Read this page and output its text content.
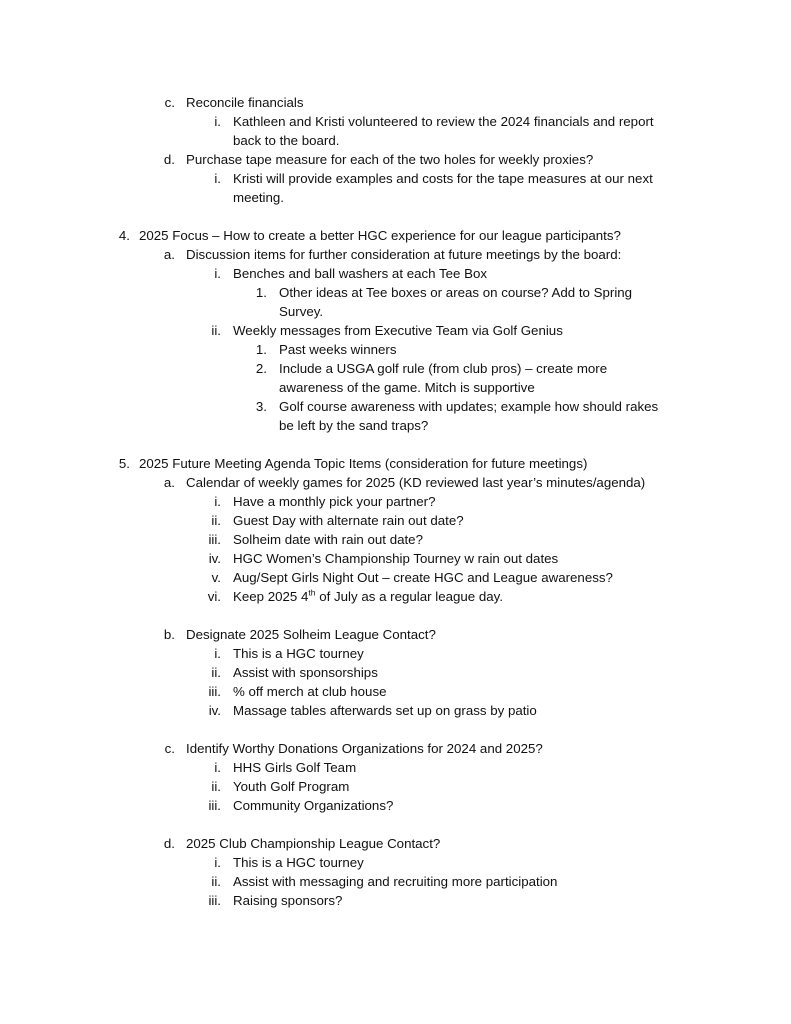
c. Reconcile financials
i. Kathleen and Kristi volunteered to review the 2024 financials and report
back to the board.
d. Purchase tape measure for each of the two holes for weekly proxies?
i. Kristi will provide examples and costs for the tape measures at our next
meeting.
4. 2025 Focus – How to create a better HGC experience for our league participants?
a. Discussion items for further consideration at future meetings by the board:
i. Benches and ball washers at each Tee Box
1. Other ideas at Tee boxes or areas on course? Add to Spring
Survey.
ii. Weekly messages from Executive Team via Golf Genius
1. Past weeks winners
2. Include a USGA golf rule (from club pros) – create more
awareness of the game. Mitch is supportive
3. Golf course awareness with updates; example how should rakes
be left by the sand traps?
5. 2025 Future Meeting Agenda Topic Items (consideration for future meetings)
a. Calendar of weekly games for 2025 (KD reviewed last year’s minutes/agenda)
i. Have a monthly pick your partner?
ii. Guest Day with alternate rain out date?
iii. Solheim date with rain out date?
iv. HGC Women’s Championship Tourney w rain out dates
v. Aug/Sept Girls Night Out – create HGC and League awareness?
vi. Keep 2025 4th of July as a regular league day.
b. Designate 2025 Solheim League Contact?
i. This is a HGC tourney
ii. Assist with sponsorships
iii. % off merch at club house
iv. Massage tables afterwards set up on grass by patio
c. Identify Worthy Donations Organizations for 2024 and 2025?
i. HHS Girls Golf Team
ii. Youth Golf Program
iii. Community Organizations?
d. 2025 Club Championship League Contact?
i. This is a HGC tourney
ii. Assist with messaging and recruiting more participation
iii. Raising sponsors?
